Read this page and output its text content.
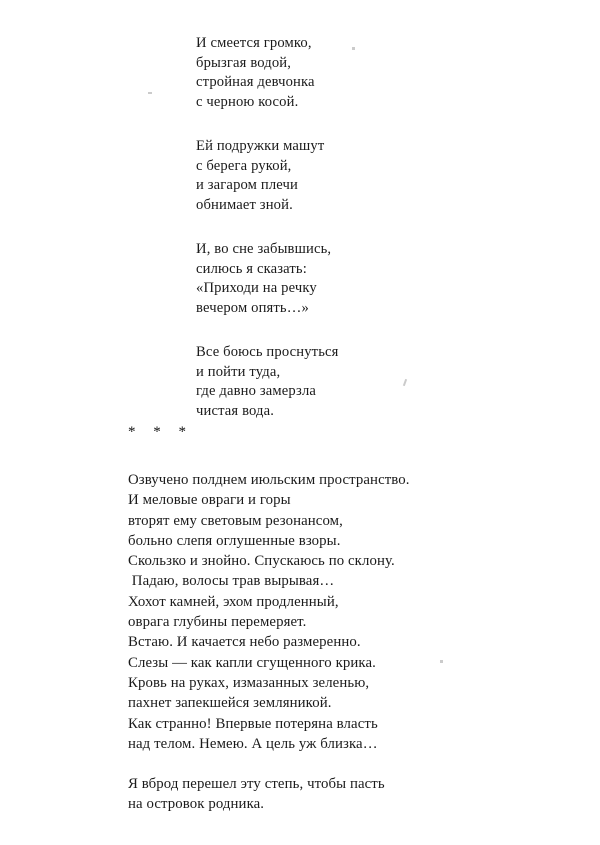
И смеется громко,
брызгая водой,
стройная девчонка
с черною косой.
Ей подружки машут
с берега рукой,
и загаром плечи
обнимает зной.
И, во сне забывшись,
силюсь я сказать:
«Приходи на речку
вечером опять…»
Все боюсь проснуться
и пойти туда,
где давно замерзла
чистая вода.
* * *
Озвучено полднем июльским пространство.
И меловые овраги и горы
вторят ему световым резонансом,
больно слепя оглушенные взоры.
Скользко и знойно. Спускаюсь по склону.
Падаю, волосы трав вырывая…
Хохот камней, эхом продленный,
оврага глубины перемеряет.
Встаю. И качается небо размеренно.
Слезы — как капли сгущенного крика.
Кровь на руках, измазанных зеленью,
пахнет запекшейся земляникой.
Как странно! Впервые потеряна власть
над телом. Немею. А цель уж близка…
Я вброд перешел эту степь, чтобы пасть
на островок родника.
